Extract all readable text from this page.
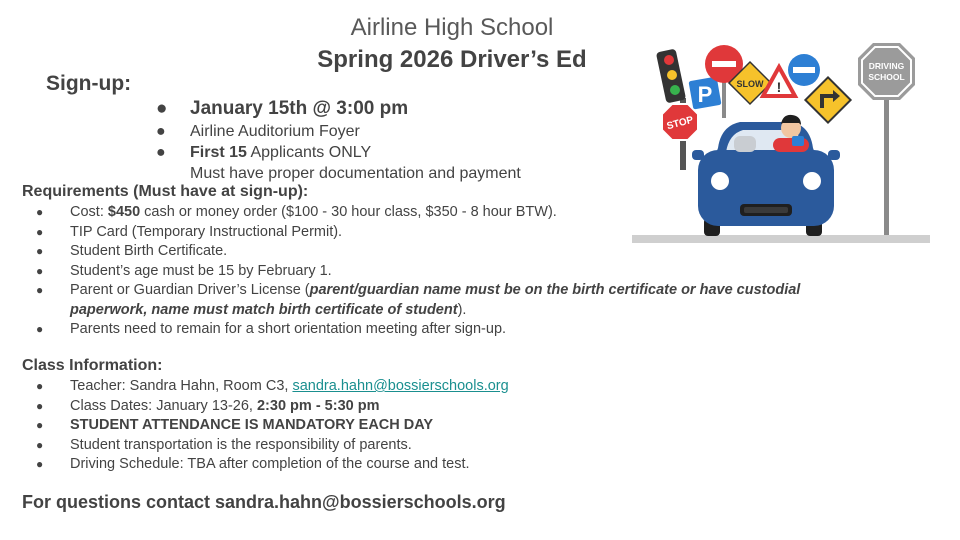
Airline High School
Spring 2026 Driver’s Ed
Sign-up:
● January 15th @ 3:00 pm
● Airline Auditorium Foyer
● First 15 Applicants ONLY
Must have proper documentation and payment
Requirements (Must have at sign-up):
● Cost: $450 cash or money order ($100 - 30 hour class, $350 - 8 hour BTW).
● TIP Card (Temporary Instructional Permit).
● Student Birth Certificate.
● Student’s age must be 15 by February 1.
● Parent or Guardian Driver’s License (parent/guardian name must be on the birth certificate or have custodial
paperwork, name must match birth certificate of student).
● Parents need to remain for a short orientation meeting after sign-up.
Class Information:
● Teacher: Sandra Hahn, Room C3, sandra.hahn@bossierschools.org
● Class Dates: January 13-26, 2:30 pm - 5:30 pm
● STUDENT ATTENDANCE IS MANDATORY EACH DAY
● Student transportation is the responsibility of parents.
● Driving Schedule: TBA after completion of the course and test.
For questions contact sandra.hahn@bossierschools.org
DRIVING
SCHOOL
STOP
P	SLOW !
